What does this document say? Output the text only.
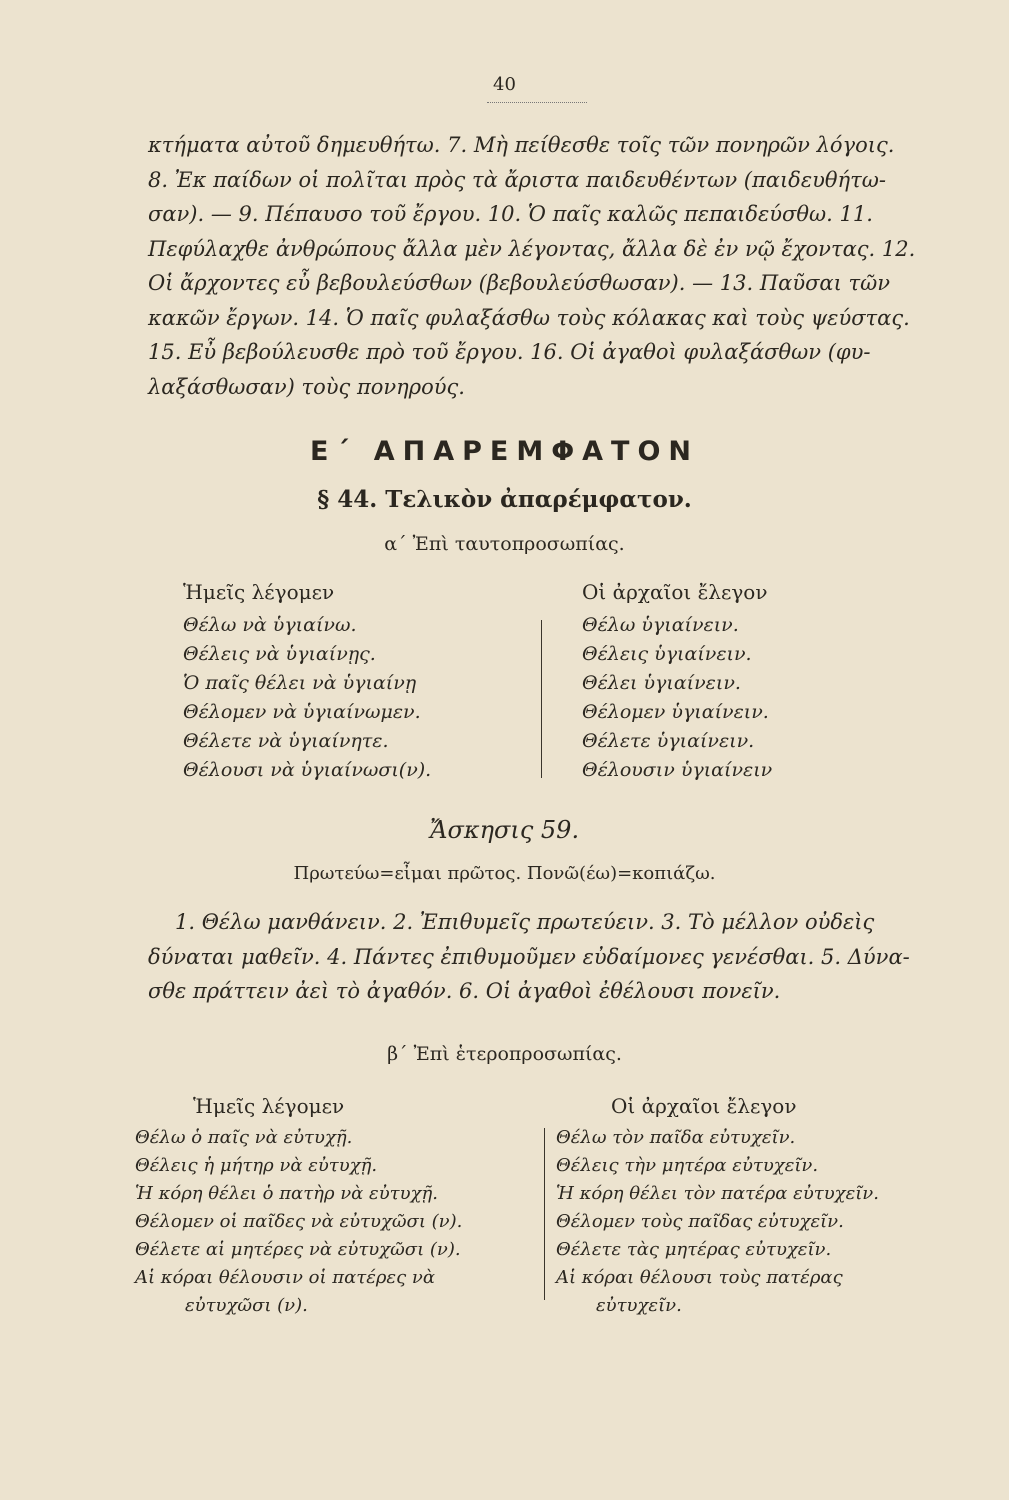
40
κτήματα αὐτοῦ δημευθήτω. 7. Μὴ πείθεσθε τοῖς τῶν πονηρῶν λόγοις.
8. Ἐκ παίδων οἱ πολῖται πρὸς τὰ ἄριστα παιδευθέντων (παιδευθήτω-
σαν). — 9. Πέπαυσο τοῦ ἔργου. 10. Ὁ παῖς καλῶς πεπαιδεύσθω. 11.
Πεφύλαχθε ἀνθρώπους ἄλλα μὲν λέγοντας, ἄλλα δὲ ἐν νῷ ἔχοντας. 12.
Οἱ ἄρχοντες εὖ βεβουλεύσθων (βεβουλεύσθωσαν). — 13. Παῦσαι τῶν
κακῶν ἔργων. 14. Ὁ παῖς φυλαξάσθω τοὺς κόλακας καὶ τοὺς ψεύστας.
15. Εὖ βεβούλευσθε πρὸ τοῦ ἔργου. 16. Οἱ ἀγαθοὶ φυλαξάσθων (φυ-
λαξάσθωσαν) τοὺς πονηρούς.
Ε΄ ΑΠΑΡΕΜΦΑΤΟΝ
§ 44. Τελικὸν ἀπαρέμφατον.
α΄ Ἐπὶ ταυτοπροσωπίας.
Ἡμεῖς λέγομεν
Θέλω νὰ ὑγιαίνω.
Θέλεις νὰ ὑγιαίνῃς.
Ὁ παῖς θέλει νὰ ὑγιαίνῃ
Θέλομεν νὰ ὑγιαίνωμεν.
Θέλετε νὰ ὑγιαίνητε.
Θέλουσι νὰ ὑγιαίνωσι(ν).
Οἱ ἀρχαῖοι ἔλεγον
Θέλω ὑγιαίνειν.
Θέλεις ὑγιαίνειν.
Θέλει ὑγιαίνειν.
Θέλομεν ὑγιαίνειν.
Θέλετε ὑγιαίνειν.
Θέλουσιν ὑγιαίνειν
Ἄσκησις 59.
Πρωτεύω=εἶμαι πρῶτος. Πονῶ(έω)=κοπιάζω.
1. Θέλω μανθάνειν. 2. Ἐπιθυμεῖς πρωτεύειν. 3. Τὸ μέλλον οὐδεὶς
δύναται μαθεῖν. 4. Πάντες ἐπιθυμοῦμεν εὐδαίμονες γενέσθαι. 5. Δύνα-
σθε πράττειν ἀεὶ τὸ ἀγαθόν. 6. Οἱ ἀγαθοὶ ἐθέλουσι πονεῖν.
β΄ Ἐπὶ ἑτεροπροσωπίας.
Ἡμεῖς λέγομεν
Θέλω ὁ παῖς νὰ εὐτυχῇ.
Θέλεις ἡ μήτηρ νὰ εὐτυχῇ.
Ἡ κόρη θέλει ὁ πατὴρ νὰ εὐτυχῇ.
Θέλομεν οἱ παῖδες νὰ εὐτυχῶσι (ν).
Θέλετε αἱ μητέρες νὰ εὐτυχῶσι (ν).
Αἱ κόραι θέλουσιν οἱ πατέρες νὰ
εὐτυχῶσι (ν).
Οἱ ἀρχαῖοι ἔλεγον
Θέλω τὸν παῖδα εὐτυχεῖν.
Θέλεις τὴν μητέρα εὐτυχεῖν.
Ἡ κόρη θέλει τὸν πατέρα εὐτυχεῖν.
Θέλομεν τοὺς παῖδας εὐτυχεῖν.
Θέλετε τὰς μητέρας εὐτυχεῖν.
Αἱ κόραι θέλουσι τοὺς πατέρας
εὐτυχεῖν.
